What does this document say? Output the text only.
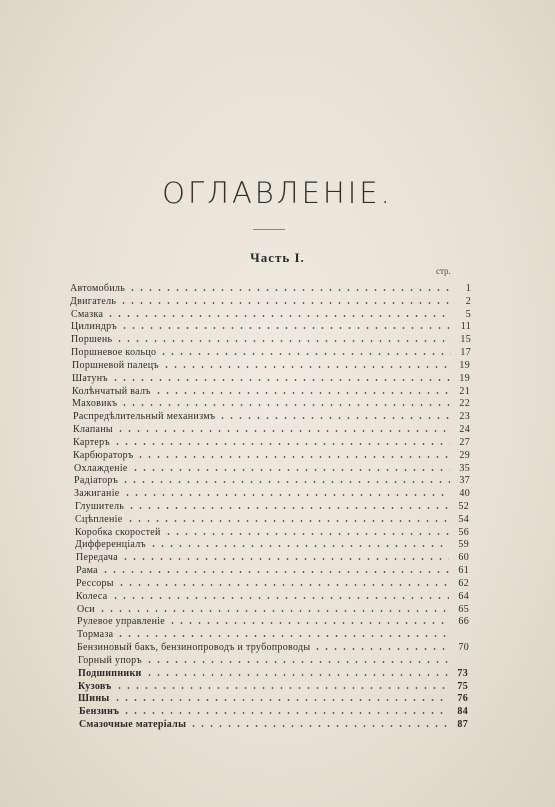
ОГЛАВЛЕНIЕ.
Часть I.
стр.
Автомобиль	1
Двигатель	2
Смазка	5
Цилиндръ	11
Поршень	15
Поршневое кольцо	17
Поршневой палецъ	19
Шатунъ	19
Колѣнчатый валъ	21
Маховикъ	22
Распредѣлительный механизмъ	23
Клапаны	24
Картеръ	27
Карбюраторъ	29
Охлажденiе	35
Радiаторъ	37
Зажиганiе	40
Глушитель	52
Сцѣпленiе	54
Коробка скоростей	56
Дифференцiалъ	59
Передача	60
Рама	61
Рессоры	62
Колеса	64
Оси	65
Рулевое управленiе	66
Тормаза
Бензиновый бакъ, бензинопроводъ и трубопроводы	70
Горный упоръ
Подшипники	73
Кузовъ	75
Шины	76
Бензинъ	84
Смазочные матерiалы	87
